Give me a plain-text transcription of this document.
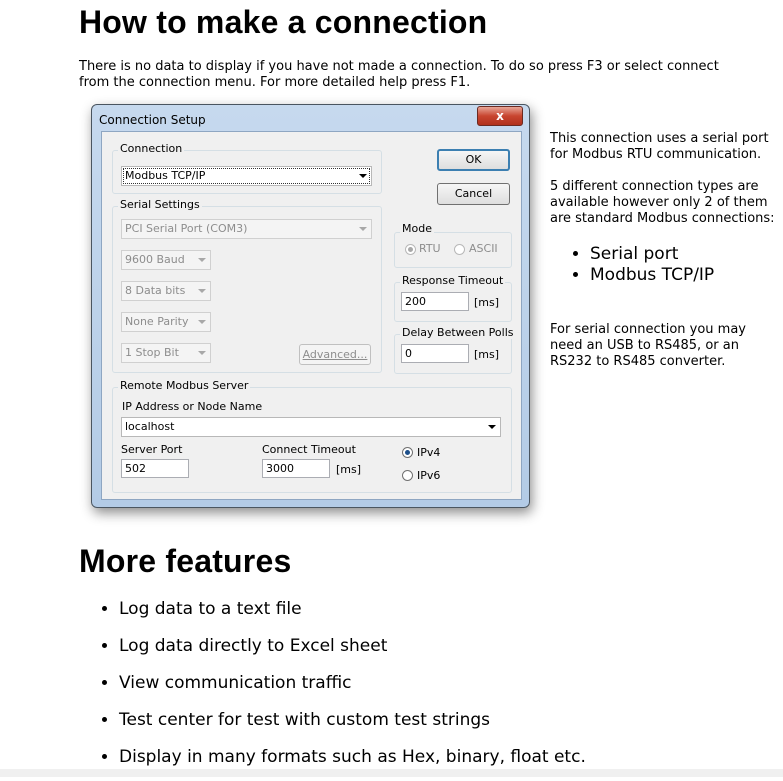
How to make a connection
There is no data to display if you have not made a connection. To do so press F3 or select connect from the connection menu. For more detailed help press F1.
Connection Setup	x
Connection
Modbus TCP/IP
OK
Cancel
Serial Settings
PCI Serial Port (COM3)
9600 Baud
8 Data bits
None Parity
1 Stop Bit	Advanced...
Mode
RTU	ASCII
Response Timeout
200	[ms]
Delay Between Polls
0	[ms]
Remote Modbus Server
IP Address or Node Name
localhost
Server Port
502
Connect Timeout
3000	[ms]
IPv4
IPv6
This connection uses a serial port for Modbus RTU communication.
5 different connection types are available however only 2 of them are standard Modbus connections:
• Serial port
• Modbus TCP/IP
For serial connection you may need an USB to RS485, or an RS232 to RS485 converter.
More features
• Log data to a text file
• Log data directly to Excel sheet
• View communication traffic
• Test center for test with custom test strings
• Display in many formats such as Hex, binary, float etc.
